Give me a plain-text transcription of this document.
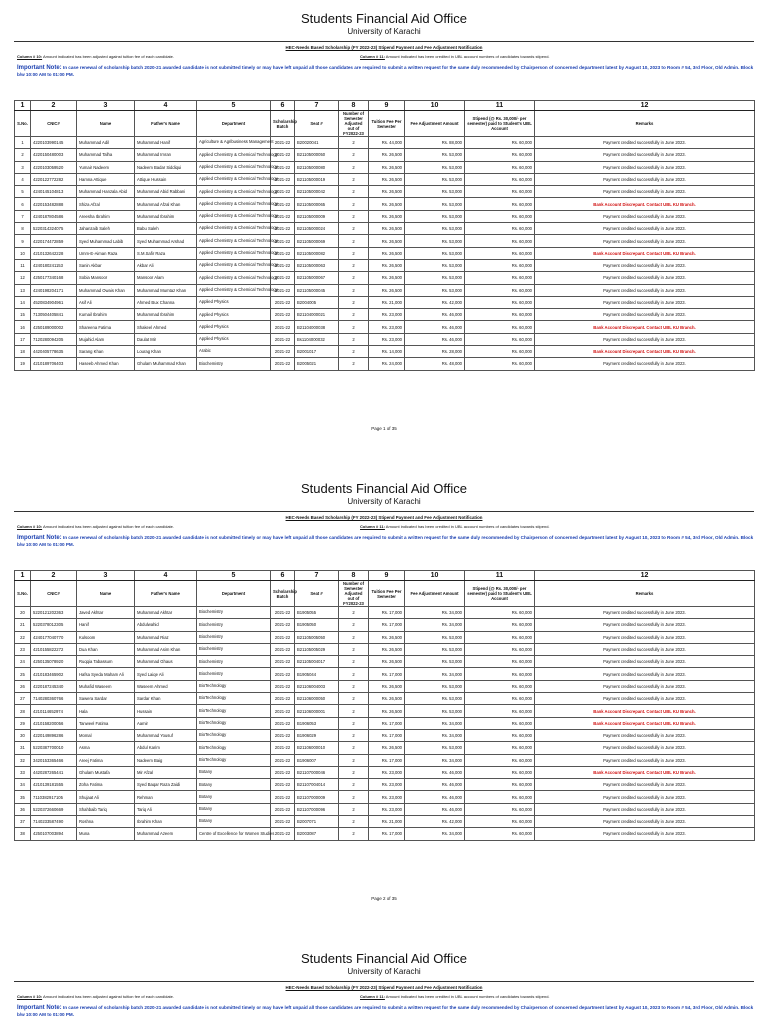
Students Financial Aid Office
University of Karachi
HEC-Needs Based Scholarship (FY 2022-23) Stipend Payment and Fee Adjustment Notification
Column # 10: Amount indicated has been adjusted against tuition fee of each candidate.	Column # 11: Amount indicated has been credited in UBL account numbers of candidates towards stipend.
Important Note: In case renewal of scholarship batch 2020-21 awarded candidate is not submitted timely or may have left unpaid all those candidates are required to submit a written request for the same duly recommended by Chairperson of concerned department latest by August 10, 2023 to Room # 54, 3rd Floor, Old Admin. Block b/w 10:00 AM to 01:00 PM.
1	2	3	4	5	6	7	8	9	10	11	12
S.No.	CNIC#	Name	Father's Name	Department	Scholarship Batch	Seat #	Number of Semester Adjusted out of FY2022-23	Tuition Fee Per Semester	Fee Adjustment Amount	Stipend (@ Rs. 30,000/- per semester) paid to Student's UBL Account	Remarks
1	4220103990145	Muhammad Adil	Muhammad Hanif	Agriculture & Agribusiness Management	2021-22	B20020041	2	Rs. 44,000	Rs. 88,000	Rs. 60,000	Payment credited successfully in June 2023.
2	4220150480003	Muhammad Talha	Muhammad Imran	Applied Chemistry & Chemical Technology	2021-22	B21105000050	2	Rs. 26,500	Rs. 53,000	Rs. 60,000	Payment credited successfully in June 2023.
3	4220103059520	Yumair Nadeem	Nadeem Badar Siddiqui	Applied Chemistry & Chemical Technology	2021-22	B21105000080	2	Rs. 26,500	Rs. 53,000	Rs. 60,000	Payment credited successfully in June 2023.
4	4220122772282	Hamna Attique	Attique Hussain	Applied Chemistry & Chemical Technology	2021-22	B21105000019	2	Rs. 26,500	Rs. 53,000	Rs. 60,000	Payment credited successfully in June 2023.
5	4240145104813	Muhammad Hanzala Abid	Muhammad Abid Rabbani	Applied Chemistry & Chemical Technology	2021-22	B21105000042	2	Rs. 26,500	Rs. 53,000	Rs. 60,000	Payment credited successfully in June 2023.
6	4220153482888	Shiza Afzal	Muhammad Afzal Khan	Applied Chemistry & Chemical Technology	2021-22	B21105000065	2	Rs. 26,500	Rs. 53,000	Rs. 60,000	Bank Account Discrepant. Contact UBL KU Branch.
7	4240187804586	Areesha Ibrahim	Muhammad Ibrahim	Applied Chemistry & Chemical Technology	2021-22	B21105000009	2	Rs. 26,500	Rs. 53,000	Rs. 60,000	Payment credited successfully in June 2023.
8	5220314324075	Jahanzaib Saleh	Babu Saleh	Applied Chemistry & Chemical Technology	2021-22	B21105000024	2	Rs. 26,500	Rs. 53,000	Rs. 60,000	Payment credited successfully in June 2023.
9	4220174472859	Syed Muhammad Labib	Syed Muhammad Arshad	Applied Chemistry & Chemical Technology	2021-22	B21105000069	2	Rs. 26,500	Rs. 53,000	Rs. 60,000	Payment credited successfully in June 2023.
10	4210132642228	Umm-E-Aiman Raza	S.M.Safir Raza	Applied Chemistry & Chemical Technology	2021-22	B21105000082	2	Rs. 26,500	Rs. 53,000	Rs. 60,000	Bank Account Discrepant. Contact UBL KU Branch.
11	4240180241153	Sanin Akbar	Akbar Ali	Applied Chemistry & Chemical Technology	2021-22	B21105000063	2	Rs. 26,500	Rs. 53,000	Rs. 60,000	Payment credited successfully in June 2023.
12	4250177340168	Sobia Mansoor	Mansoor Alam	Applied Chemistry & Chemical Technology	2021-22	B21105000067	2	Rs. 26,500	Rs. 53,000	Rs. 60,000	Payment credited successfully in June 2023.
13	4240198204171	Muhammad Owais Khan	Muhammad Mumtaz Khan	Applied Chemistry & Chemical Technology	2021-22	B21105000045	2	Rs. 26,500	Rs. 53,000	Rs. 60,000	Payment credited successfully in June 2023.
14	4520834904961	Asif Ali	Ahmed Bux Channa	Applied Physics	2021-22	B2004005	2	Rs. 21,000	Rs. 42,000	Rs. 60,000	Payment credited successfully in June 2023.
15	7130504405841	Kumail Ibrahim	Muhammad Ibrahim	Applied Physics	2021-22	B21104000021	2	Rs. 23,000	Rs. 46,000	Rs. 60,000	Payment credited successfully in June 2023.
16	4250189000002	Shareena Fatima	Shakeel Ahmed	Applied Physics	2021-22	B21104000038	2	Rs. 23,000	Rs. 46,000	Rs. 60,000	Bank Account Discrepant. Contact UBL KU Branch.
17	7120280094205	Mujahid Alam	Daulat Mir	Applied Physics	2021-22	Bs1104000032	2	Rs. 23,000	Rs. 46,000	Rs. 60,000	Payment credited successfully in June 2023.
18	4420405778635	Sarang Khan	Lourag Khan	Arabic	2021-22	B2001017	2	Rs. 14,000	Rs. 28,000	Rs. 60,000	Bank Account Discrepant. Contact UBL KU Branch.
19	4210189706403	Haseeb Ahmed Khan	Ghulam Muhammad Khan	Biochemistry	2021-22	B2005021	2	Rs. 24,000	Rs. 48,000	Rs. 60,000	Payment credited successfully in June 2023.
Page 1 of 35
Students Financial Aid Office
University of Karachi
HEC-Needs Based Scholarship (FY 2022-23) Stipend Payment and Fee Adjustment Notification
Column # 10: Amount indicated has been adjusted against tuition fee of each candidate.	Column # 11: Amount indicated has been credited in UBL account numbers of candidates towards stipend.
Important Note: In case renewal of scholarship batch 2020-21 awarded candidate is not submitted timely or may have left unpaid all those candidates are required to submit a written request for the same duly recommended by Chairperson of concerned department latest by August 10, 2023 to Room # 54, 3rd Floor, Old Admin. Block b/w 10:00 AM to 01:00 PM.
1	2	3	4	5	6	7	8	9	10	11	12
S.No.	CNIC#	Name	Father's Name	Department	Scholarship Batch	Seat #	Number of Semester Adjusted out of FY2022-23	Tuition Fee Per Semester	Fee Adjustment Amount	Stipend (@ Rs. 30,000/- per semester) paid to Student's UBL Account	Remarks
20	5220121202363	Javed Akhtar	Muhammad Akhtar	Biochemistry	2021-22	B1905055	2	Rs. 17,000	Rs. 34,000	Rs. 60,000	Payment credited successfully in June 2023.
21	5220378012305	Hanif	Abdulwahid	Biochemistry	2021-22	B1905050	2	Rs. 17,000	Rs. 34,000	Rs. 60,000	Payment credited successfully in June 2023.
22	4240177040770	Kulsoom	Muhammad Riaz	Biochemistry	2021-22	B21105005050	2	Rs. 26,500	Rs. 53,000	Rs. 60,000	Payment credited successfully in June 2023.
23	4210155822272	Dua Khan	Muhammad Asim Khan	Biochemistry	2021-22	B21105005029	2	Rs. 26,500	Rs. 53,000	Rs. 60,000	Payment credited successfully in June 2023.
24	4250135078920	Ruqqia Tabassum	Muhammad Ghaus	Biochemistry	2021-22	B21105004017	2	Rs. 26,500	Rs. 53,000	Rs. 60,000	Payment credited successfully in June 2023.
25	4210183465902	Hafsa Syeda Maham Ali	Syed Laiqe Ali	Biochemistry	2021-22	B1905044	2	Rs. 17,000	Rs. 34,000	Rs. 60,000	Payment credited successfully in June 2023.
26	4220187245340	Muhafid Waseem	Waseem Ahmed	BioTechnology	2021-22	B21106004003	2	Rs. 26,500	Rs. 53,000	Rs. 60,000	Payment credited successfully in June 2023.
27	7140280360766	Sawera Sardar	Sardar Khan	BioTechnology	2021-22	B21106000050	2	Rs. 26,500	Rs. 53,000	Rs. 60,000	Payment credited successfully in June 2023.
28	4210114652974	Hala	Hussain	BioTechnology	2021-22	B21106000001	2	Rs. 26,500	Rs. 53,000	Rs. 60,000	Bank Account Discrepant. Contact UBL KU Branch.
29	4210158200056	Tanweel Fatima	Aamir	BioTechnology	2021-22	B1906053	2	Rs. 17,000	Rs. 34,000	Rs. 60,000	Bank Account Discrepant. Contact UBL KU Branch.
30	4220149896286	Momal	Muhammad Yousuf	BioTechnology	2021-22	B1906029	2	Rs. 17,000	Rs. 34,000	Rs. 60,000	Payment credited successfully in June 2023.
31	5220387700010	Asma	Abdul Karim	BioTechnology	2021-22	B21106000010	2	Rs. 26,500	Rs. 53,000	Rs. 60,000	Payment credited successfully in June 2023.
32	3420153365466	Areej Fatima	Nadeem Baig	BioTechnology	2021-22	B1906007	2	Rs. 17,000	Rs. 34,000	Rs. 60,000	Payment credited successfully in June 2023.
33	4420287265441	Ghulam Mustafa	Mir Afzal	Botany	2021-22	B21107000046	2	Rs. 23,000	Rs. 46,000	Rs. 60,000	Bank Account Discrepant. Contact UBL KU Branch.
34	4210139181555	Zoha Fatima	Syed Baqar Raza Zaidi	Botany	2021-22	B21107004014	2	Rs. 23,000	Rs. 46,000	Rs. 60,000	Payment credited successfully in June 2023.
35	7110382917105	Shujaat Ali	Rehman	Botany	2021-22	B21107000009	2	Rs. 23,000	Rs. 46,000	Rs. 60,000	Payment credited successfully in June 2023.
36	5220372660669	Shahbaib Tariq	Tariq Ali	Botany	2021-22	B21107000096	2	Rs. 23,000	Rs. 46,000	Rs. 60,000	Payment credited successfully in June 2023.
37	7140233587490	Roshna	Ibrahim Khan	Botany	2021-22	B2007071	2	Rs. 21,000	Rs. 42,000	Rs. 60,000	Payment credited successfully in June 2023.
38	4250107003894	Muna	Muhammad Azeem	Centre of Excellence for Women Studies	2021-22	B2003087	2	Rs. 17,000	Rs. 34,000	Rs. 60,000	Payment credited successfully in June 2023.
Page 2 of 35
Students Financial Aid Office
University of Karachi
HEC-Needs Based Scholarship (FY 2022-23) Stipend Payment and Fee Adjustment Notification
Column # 10: Amount indicated has been adjusted against tuition fee of each candidate.	Column # 11: Amount indicated has been credited in UBL account numbers of candidates towards stipend.
Important Note: In case renewal of scholarship batch 2020-21 awarded candidate is not submitted timely or may have left unpaid all those candidates are required to submit a written request for the same duly recommended by Chairperson of concerned department latest by August 10, 2023 to Room # 54, 3rd Floor, Old Admin. Block b/w 10:00 AM to 01:00 PM.
